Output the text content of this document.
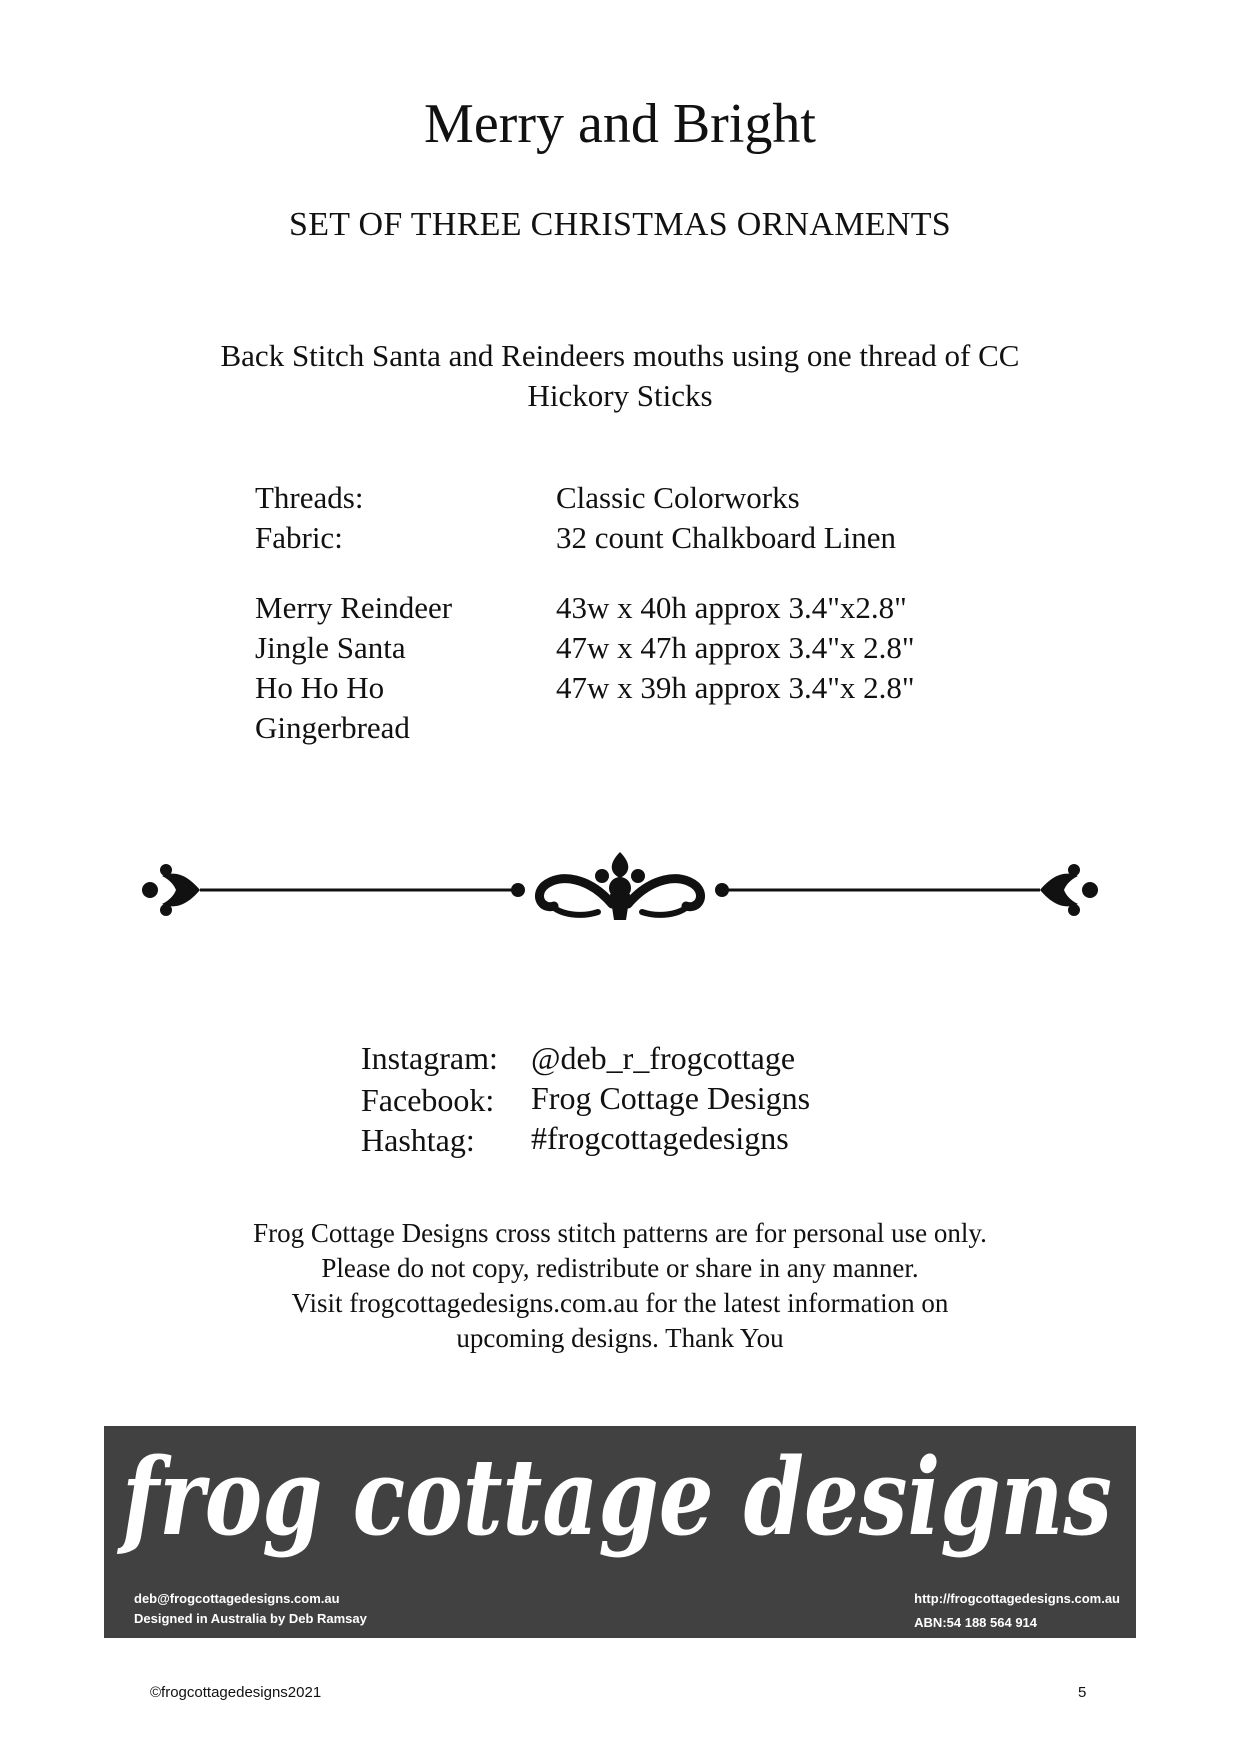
Merry and Bright
SET OF THREE CHRISTMAS ORNAMENTS
Back Stitch Santa and Reindeers mouths using one thread of CC Hickory Sticks
Threads:	Classic Colorworks
Fabric:	32 count Chalkboard Linen
Merry Reindeer	43w x 40h approx 3.4"x2.8"
Jingle Santa	47w x 47h approx 3.4"x 2.8"
Ho Ho Ho	47w x 39h approx 3.4"x 2.8"
Gingerbread
Instagram: @deb_r_frogcottage
Facebook: Frog Cottage Designs
Hashtag: #frogcottagedesigns
Frog Cottage Designs cross stitch patterns are for personal use only.
Please do not copy, redistribute or share in any manner.
Visit frogcottagedesigns.com.au for the latest information on
upcoming designs. Thank You
frog cottage designs
deb@frogcottagedesigns.com.au
Designed in Australia by Deb Ramsay
http://frogcottagedesigns.com.au
ABN:54 188 564 914
©frogcottagedesigns2021	5
